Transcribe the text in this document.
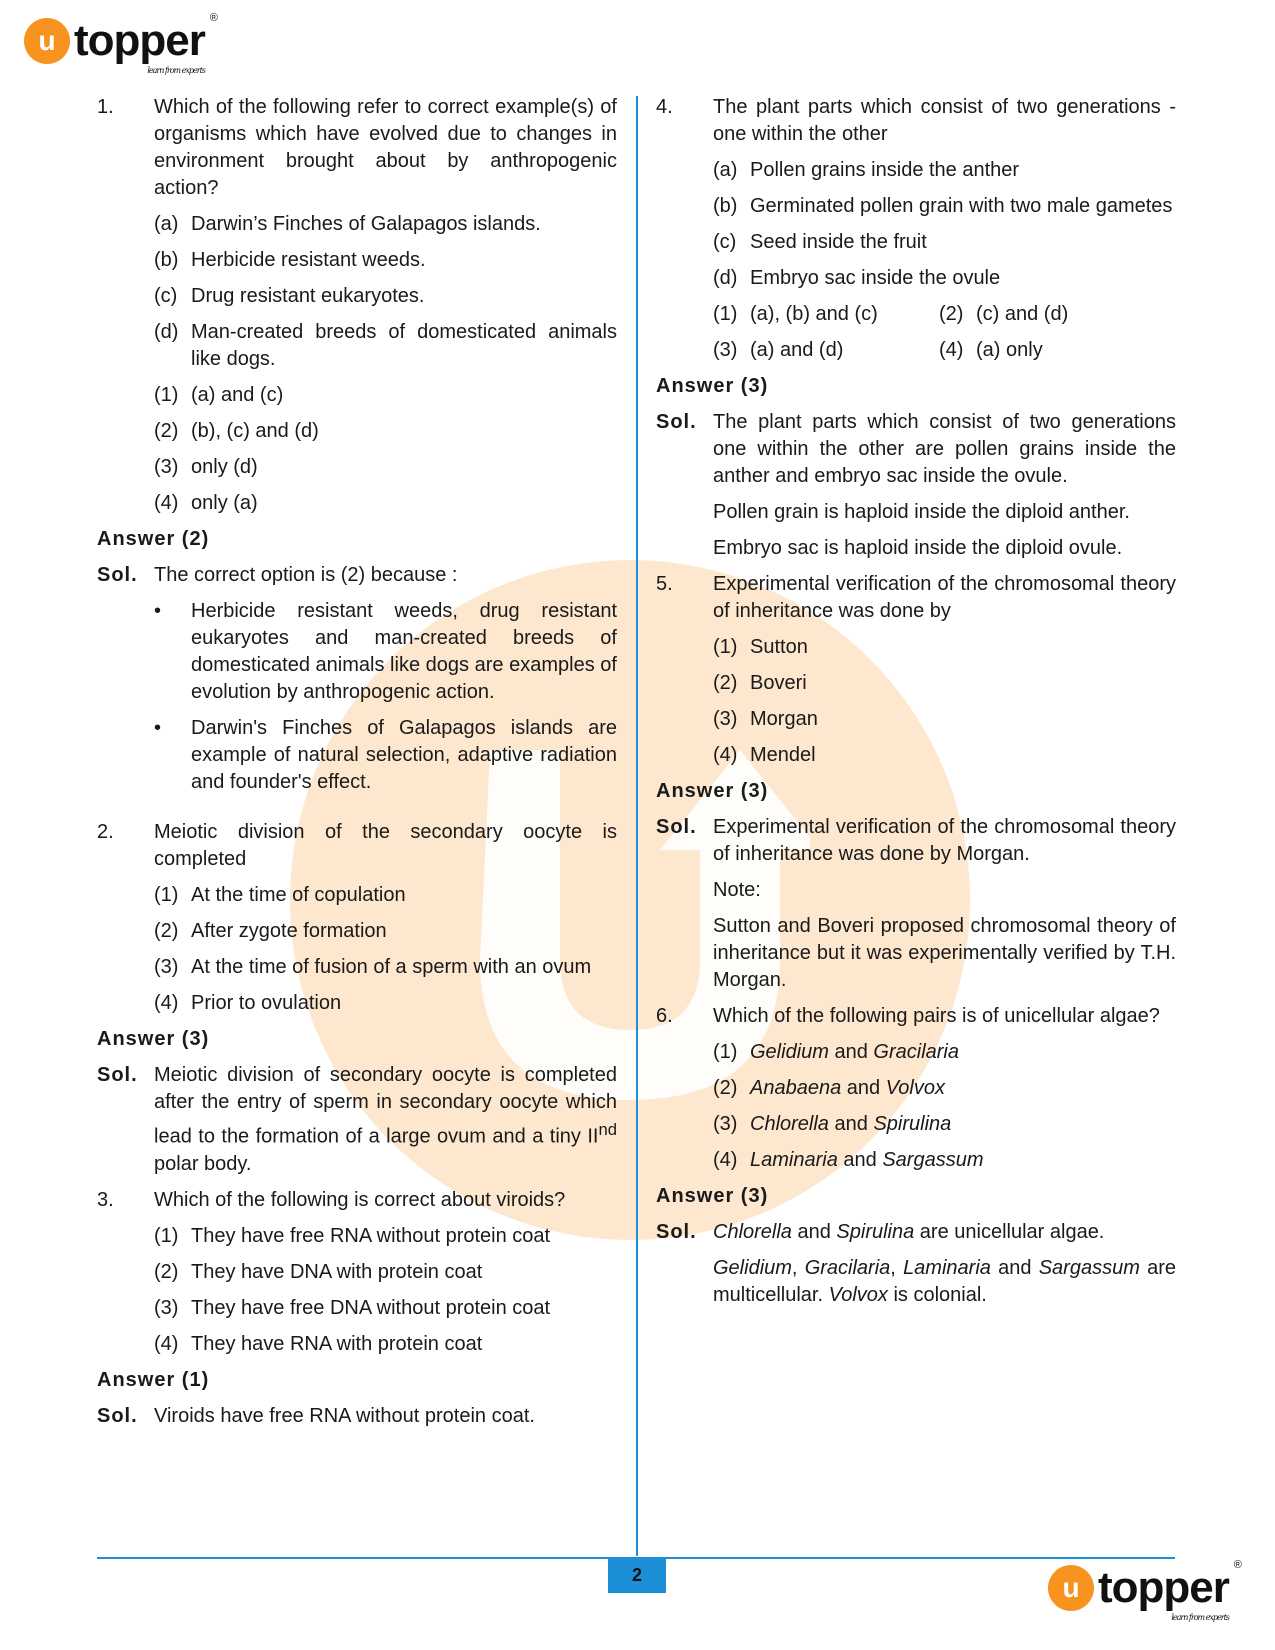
u topper ®
learn from experts
2	u topper ®
learn from experts
1.	Which of the following refer to correct example(s) of organisms which have evolved due to changes in environment brought about by anthropogenic action?
(a) Darwin’s Finches of Galapagos islands.
(b) Herbicide resistant weeds.
(c) Drug resistant eukaryotes.
(d) Man-created breeds of domesticated animals like dogs.
(1) (a) and (c)
(2) (b), (c) and (d)
(3) only (d)
(4) only (a)
Answer (2)
Sol. The correct option is (2) because :
•	Herbicide resistant weeds, drug resistant eukaryotes and man-created breeds of domesticated animals like dogs are examples of evolution by anthropogenic action.
•	Darwin's Finches of Galapagos islands are example of natural selection, adaptive radiation and founder's effect.
2.	Meiotic division of the secondary oocyte is completed
(1) At the time of copulation
(2) After zygote formation
(3) At the time of fusion of a sperm with an ovum
(4) Prior to ovulation
Answer (3)
Sol. Meiotic division of secondary oocyte is completed after the entry of sperm in secondary oocyte which lead to the formation of a large ovum and a tiny IInd polar body.
3.	Which of the following is correct about viroids?
(1) They have free RNA without protein coat
(2) They have DNA with protein coat
(3) They have free DNA without protein coat
(4) They have RNA with protein coat
Answer (1)
Sol. Viroids have free RNA without protein coat.
4.	The plant parts which consist of two generations - one within the other
(a) Pollen grains inside the anther
(b) Germinated pollen grain with two male gametes
(c) Seed inside the fruit
(d) Embryo sac inside the ovule
(1) (a), (b) and (c)	(2) (c) and (d)
(3) (a) and (d)	(4) (a) only
Answer (3)
Sol. The plant parts which consist of two generations one within the other are pollen grains inside the anther and embryo sac inside the ovule.
Pollen grain is haploid inside the diploid anther.
Embryo sac is haploid inside the diploid ovule.
5.	Experimental verification of the chromosomal theory of inheritance was done by
(1) Sutton
(2) Boveri
(3) Morgan
(4) Mendel
Answer (3)
Sol. Experimental verification of the chromosomal theory of inheritance was done by Morgan.
Note:
Sutton and Boveri proposed chromosomal theory of inheritance but it was experimentally verified by T.H. Morgan.
6.	Which of the following pairs is of unicellular algae?
(1) Gelidium and Gracilaria
(2) Anabaena and Volvox
(3) Chlorella and Spirulina
(4) Laminaria and Sargassum
Answer (3)
Sol. Chlorella and Spirulina are unicellular algae.
Gelidium, Gracilaria, Laminaria and Sargassum are multicellular. Volvox is colonial.
